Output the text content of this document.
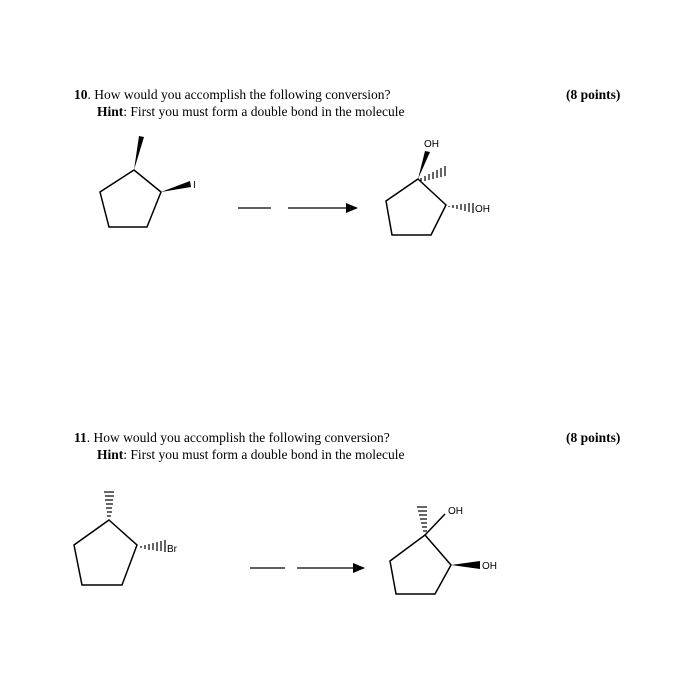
10. How would you accomplish the following conversion?
Hint: First you must form a double bond in the molecule
(8 points)
11. How would you accomplish the following conversion?
Hint: First you must form a double bond in the molecule
(8 points)
I
OH
OH
Br
OH
OH
